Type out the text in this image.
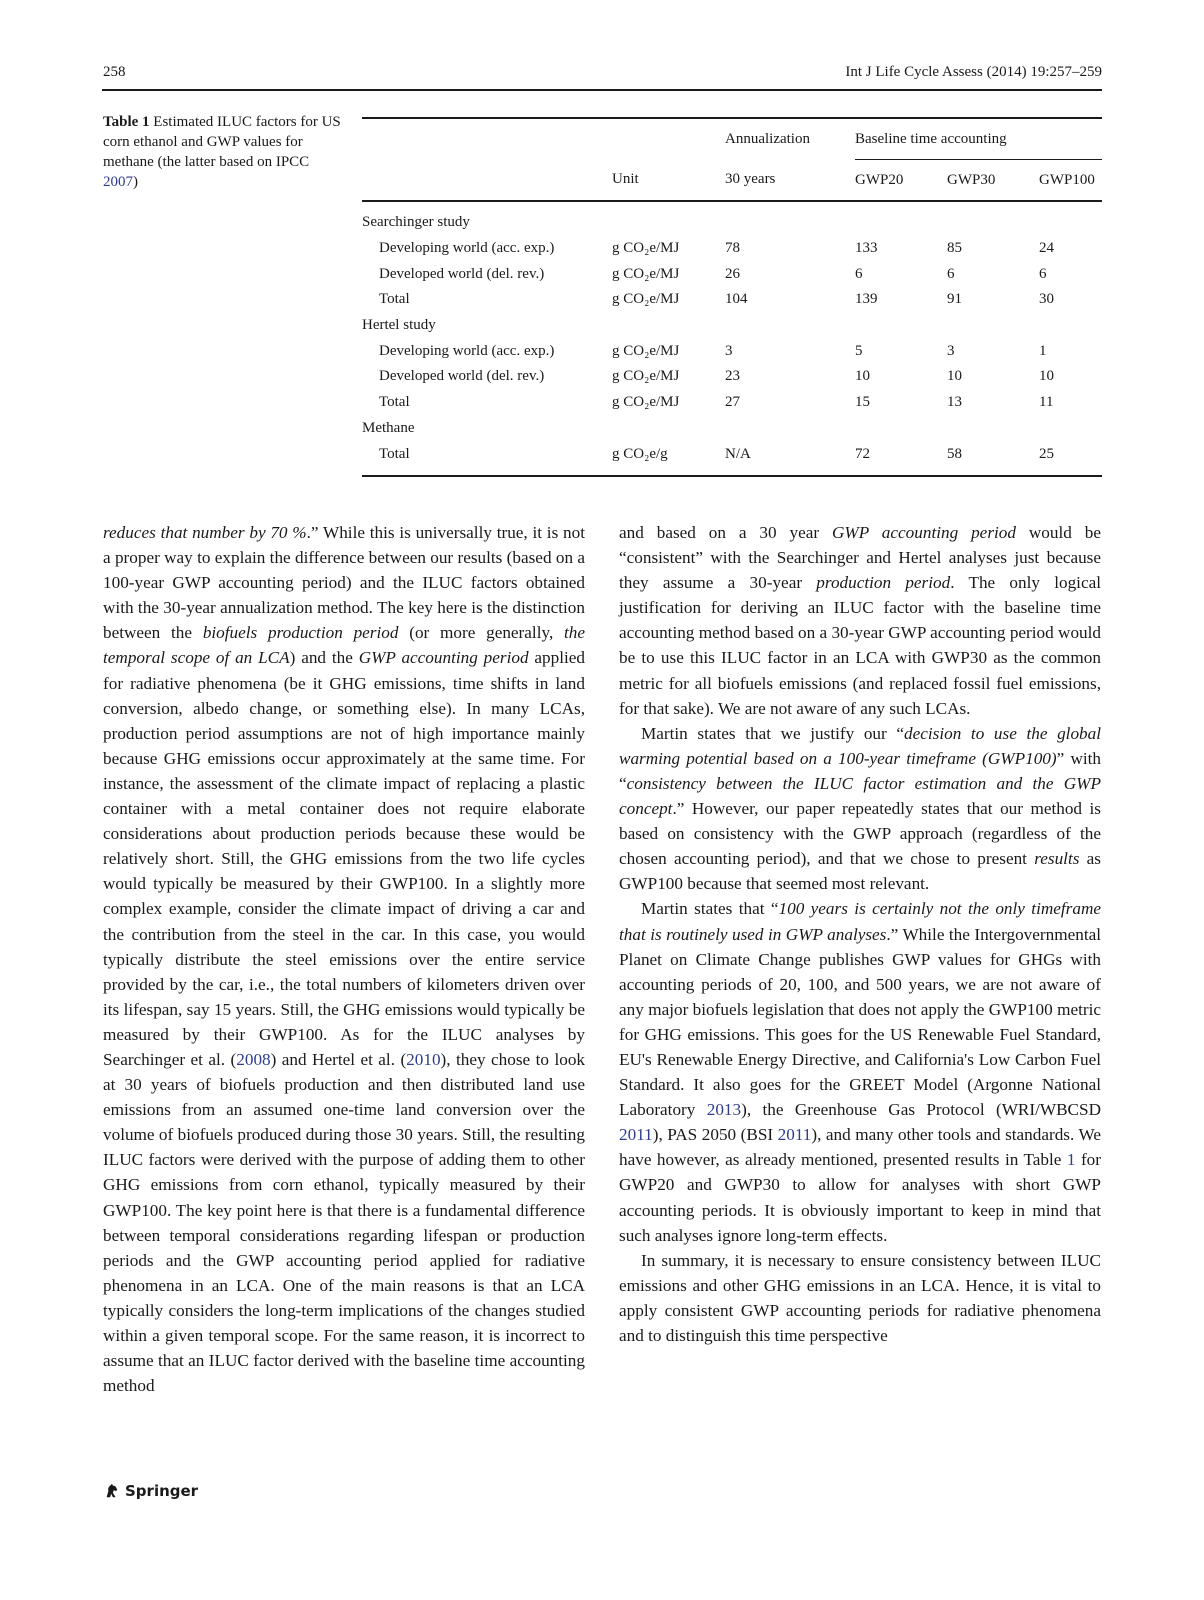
258	Int J Life Cycle Assess (2014) 19:257–259
Table 1 Estimated ILUC factors for US corn ethanol and GWP values for methane (the latter based on IPCC 2007)
		Annualization	Baseline time accounting		
	Unit	30 years	GWP20	GWP30	GWP100

Searchinger study					
Developing world (acc. exp.)	g CO₂e/MJ	78	133	85	24
Developed world (del. rev.)	g CO₂e/MJ	26	6	6	6
Total	g CO₂e/MJ	104	139	91	30
Hertel study					
Developing world (acc. exp.)	g CO₂e/MJ	3	5	3	1
Developed world (del. rev.)	g CO₂e/MJ	23	10	10	10
Total	g CO₂e/MJ	27	15	13	11
Methane					
Total	g CO₂e/g	N/A	72	58	25

reduces that number by 70 %.” While this is universally true, it is not a proper way to explain the difference between our results (based on a 100-year GWP accounting period) and the ILUC factors obtained with the 30-year annualization method. The key here is the distinction between the biofuels production period (or more generally, the temporal scope of an LCA) and the GWP accounting period applied for radiative phenomena (be it GHG emissions, time shifts in land conversion, albedo change, or something else). In many LCAs, production period assumptions are not of high importance mainly because GHG emissions occur approximately at the same time. For instance, the assessment of the climate impact of replacing a plastic container with a metal container does not require elaborate considerations about production periods because these would be relatively short. Still, the GHG emissions from the two life cycles would typically be measured by their GWP100. In a slightly more complex example, consider the climate impact of driving a car and the contribution from the steel in the car. In this case, you would typically distribute the steel emissions over the entire service provided by the car, i.e., the total numbers of kilometers driven over its lifespan, say 15 years. Still, the GHG emissions would typically be measured by their GWP100. As for the ILUC analyses by Searchinger et al. (2008) and Hertel et al. (2010), they chose to look at 30 years of biofuels production and then distributed land use emissions from an assumed one-time land conversion over the volume of biofuels produced during those 30 years. Still, the resulting ILUC factors were derived with the purpose of adding them to other GHG emissions from corn ethanol, typically measured by their GWP100. The key point here is that there is a fundamental difference between temporal considerations regarding lifespan or production periods and the GWP accounting period applied for radiative phenomena in an LCA. One of the main reasons is that an LCA typically considers the long-term implications of the changes studied within a given temporal scope. For the same reason, it is incorrect to assume that an ILUC factor derived with the baseline time accounting method

and based on a 30 year GWP accounting period would be “consistent” with the Searchinger and Hertel analyses just because they assume a 30-year production period. The only logical justification for deriving an ILUC factor with the baseline time accounting method based on a 30-year GWP accounting period would be to use this ILUC factor in an LCA with GWP30 as the common metric for all biofuels emissions (and replaced fossil fuel emissions, for that sake). We are not aware of any such LCAs.

Martin states that we justify our “decision to use the global warming potential based on a 100-year timeframe (GWP100)” with “consistency between the ILUC factor estimation and the GWP concept.” However, our paper repeatedly states that our method is based on consistency with the GWP approach (regardless of the chosen accounting period), and that we chose to present results as GWP100 because that seemed most relevant.

Martin states that “100 years is certainly not the only timeframe that is routinely used in GWP analyses.” While the Intergovernmental Planet on Climate Change publishes GWP values for GHGs with accounting periods of 20, 100, and 500 years, we are not aware of any major biofuels legislation that does not apply the GWP100 metric for GHG emissions. This goes for the US Renewable Fuel Standard, EU's Renewable Energy Directive, and California's Low Carbon Fuel Standard. It also goes for the GREET Model (Argonne National Laboratory 2013), the Greenhouse Gas Protocol (WRI/WBCSD 2011), PAS 2050 (BSI 2011), and many other tools and standards. We have however, as already mentioned, presented results in Table 1 for GWP20 and GWP30 to allow for analyses with short GWP accounting periods. It is obviously important to keep in mind that such analyses ignore long-term effects.

In summary, it is necessary to ensure consistency between ILUC emissions and other GHG emissions in an LCA. Hence, it is vital to apply consistent GWP accounting periods for radiative phenomena and to distinguish this time perspective

Springer
